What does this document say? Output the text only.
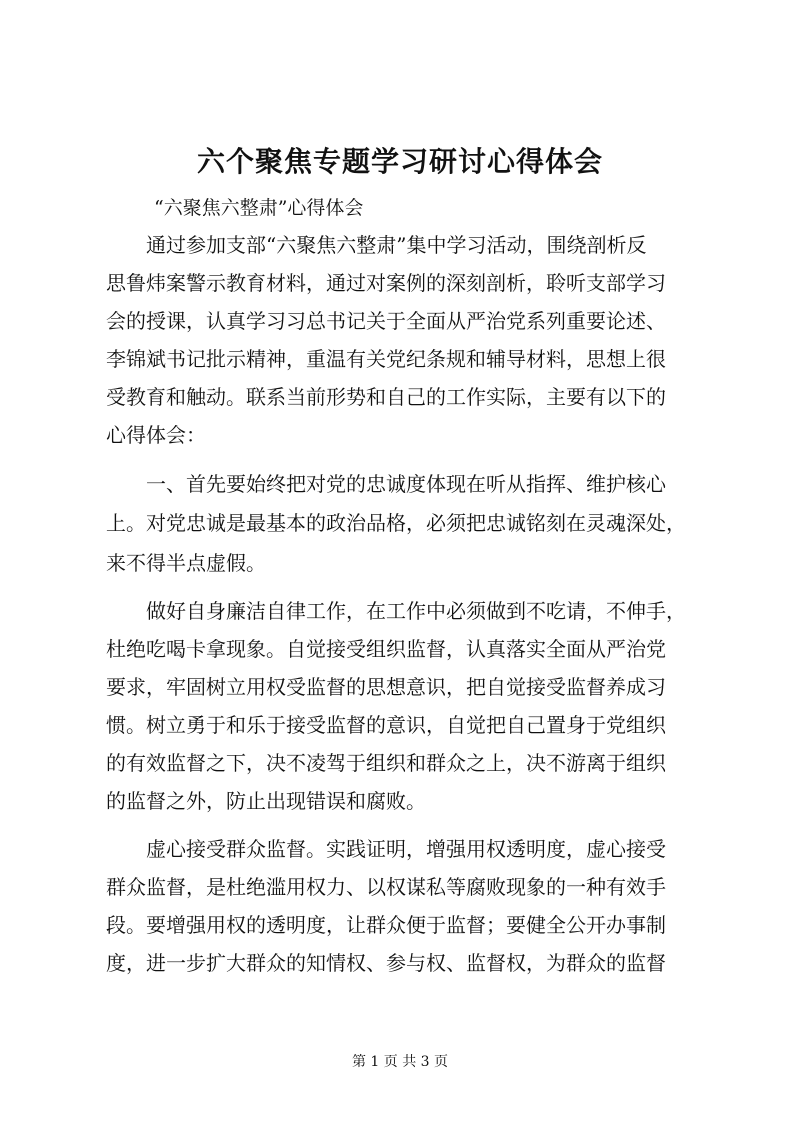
六个聚焦专题学习研讨心得体会

“六聚焦六整肃”心得体会

通过参加支部“六聚焦六整肃”集中学习活动，围绕剖析反

思鲁炜案警示教育材料，通过对案例的深刻剖析，聆听支部学习

会的授课，认真学习习总书记关于全面从严治党系列重要论述、

李锦斌书记批示精神，重温有关党纪条规和辅导材料，思想上很

受教育和触动。联系当前形势和自己的工作实际，主要有以下的

心得体会：

一、首先要始终把对党的忠诚度体现在听从指挥、维护核心

上。对党忠诚是最基本的政治品格，必须把忠诚铭刻在灵魂深处，

来不得半点虚假。

做好自身廉洁自律工作，在工作中必须做到不吃请，不伸手，

杜绝吃喝卡拿现象。自觉接受组织监督，认真落实全面从严治党

要求，牢固树立用权受监督的思想意识，把自觉接受监督养成习

惯。树立勇于和乐于接受监督的意识，自觉把自己置身于党组织

的有效监督之下，决不凌驾于组织和群众之上，决不游离于组织

的监督之外，防止出现错误和腐败。

虚心接受群众监督。实践证明，增强用权透明度，虚心接受

群众监督，是杜绝滥用权力、以权谋私等腐败现象的一种有效手

段。要增强用权的透明度，让群众便于监督；要健全公开办事制

度，进一步扩大群众的知情权、参与权、监督权，为群众的监督

第 1 页 共 3 页
